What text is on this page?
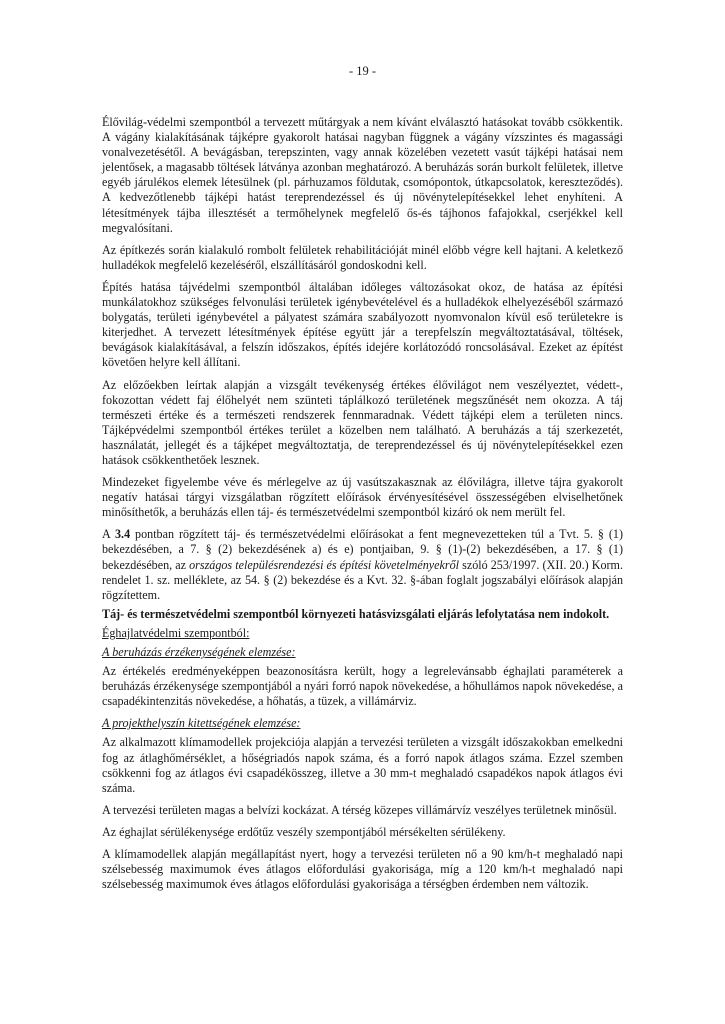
- 19 -

Élővilág-védelmi szempontból a tervezett műtárgyak a nem kívánt elválasztó hatásokat tovább csökkentik. A vágány kialakításának tájképre gyakorolt hatásai nagyban függnek a vágány vízszintes és magassági vonalvezetésétől. A bevágásban, terepszinten, vagy annak közelében vezetett vasút tájképi hatásai nem jelentősek, a magasabb töltések látványa azonban meghatározó. A beruházás során burkolt felületek, illetve egyéb járulékos elemek létesülnek (pl. párhuzamos földutak, csomópontok, útkapcsolatok, kereszteződés). A kedvezőtlenebb tájképi hatást tereprendezéssel és új növénytelepítésekkel lehet enyhíteni. A létesítmények tájba illesztését a termőhelynek megfelelő ős-és tájhonos fafajokkal, cserjékkel kell megvalósítani.

Az építkezés során kialakuló rombolt felületek rehabilitációját minél előbb végre kell hajtani. A keletkező hulladékok megfelelő kezeléséről, elszállításáról gondoskodni kell.

Építés hatása tájvédelmi szempontból általában időleges változásokat okoz, de hatása az építési munkálatokhoz szükséges felvonulási területek igénybevételével és a hulladékok elhelyezéséből származó bolygatás, területi igénybevétel a pályatest számára szabályozott nyomvonalon kívül eső területekre is kiterjedhet. A tervezett létesítmények építése együtt jár a terepfelszín megváltoztatásával, töltések, bevágások kialakításával, a felszín időszakos, építés idejére korlátozódó roncsolásával. Ezeket az építést követően helyre kell állítani.

Az előzőekben leírtak alapján a vizsgált tevékenység értékes élővilágot nem veszélyeztet, védett-, fokozottan védett faj élőhelyét nem szünteti táplálkozó területének megszűnését nem okozza. A táj természeti értéke és a természeti rendszerek fennmaradnak. Védett tájképi elem a területen nincs. Tájképvédelmi szempontból értékes terület a közelben nem található. A beruházás a táj szerkezetét, használatát, jellegét és a tájképet megváltoztatja, de tereprendezéssel és új növénytelepítésekkel ezen hatások csökkenthetőek lesznek.

Mindezeket figyelembe véve és mérlegelve az új vasútszakasznak az élővilágra, illetve tájra gyakorolt negatív hatásai tárgyi vizsgálatban rögzített előírások érvényesítésével összességében elviselhetőnek minősíthetők, a beruházás ellen táj- és természetvédelmi szempontból kizáró ok nem merült fel.

A 3.4 pontban rögzített táj- és természetvédelmi előírásokat a fent megnevezetteken túl a Tvt. 5. § (1) bekezdésében, a 7. § (2) bekezdésének a) és e) pontjaiban, 9. § (1)-(2) bekezdésében, a 17. § (1) bekezdésében, az országos településrendezési és építési követelményekről szóló 253/1997. (XII. 20.) Korm. rendelet 1. sz. melléklete, az 54. § (2) bekezdése és a Kvt. 32. §-ában foglalt jogszabályi előírások alapján rögzítettem.

Táj- és természetvédelmi szempontból környezeti hatásvizsgálati eljárás lefolytatása nem indokolt.

Éghajlatvédelmi szempontból:

A beruházás érzékenységének elemzése:

Az értékelés eredményeképpen beazonosításra került, hogy a legrelevánsabb éghajlati paraméterek a beruházás érzékenysége szempontjából a nyári forró napok növekedése, a hőhullámos napok növekedése, a csapadékintenzitás növekedése, a hőhatás, a tüzek, a villámárviz.

A projekthelyszín kitettségének elemzése:

Az alkalmazott klímamodellek projekciója alapján a tervezési területen a vizsgált időszakokban emelkedni fog az átlaghőmérséklet, a hőségriadós napok száma, és a forró napok átlagos száma. Ezzel szemben csökkenni fog az átlagos évi csapadékösszeg, illetve a 30 mm-t meghaladó csapadékos napok átlagos évi száma.

A tervezési területen magas a belvízi kockázat. A térség közepes villámárvíz veszélyes területnek minősül.

Az éghajlat sérülékenysége erdőtűz veszély szempontjából mérsékelten sérülékeny.

A klímamodellek alapján megállapítást nyert, hogy a tervezési területen nő a 90 km/h-t meghaladó napi szélsebesség maximumok éves átlagos előfordulási gyakorisága, míg a 120 km/h-t meghaladó napi szélsebesség maximumok éves átlagos előfordulási gyakorisága a térségben érdemben nem változik.
